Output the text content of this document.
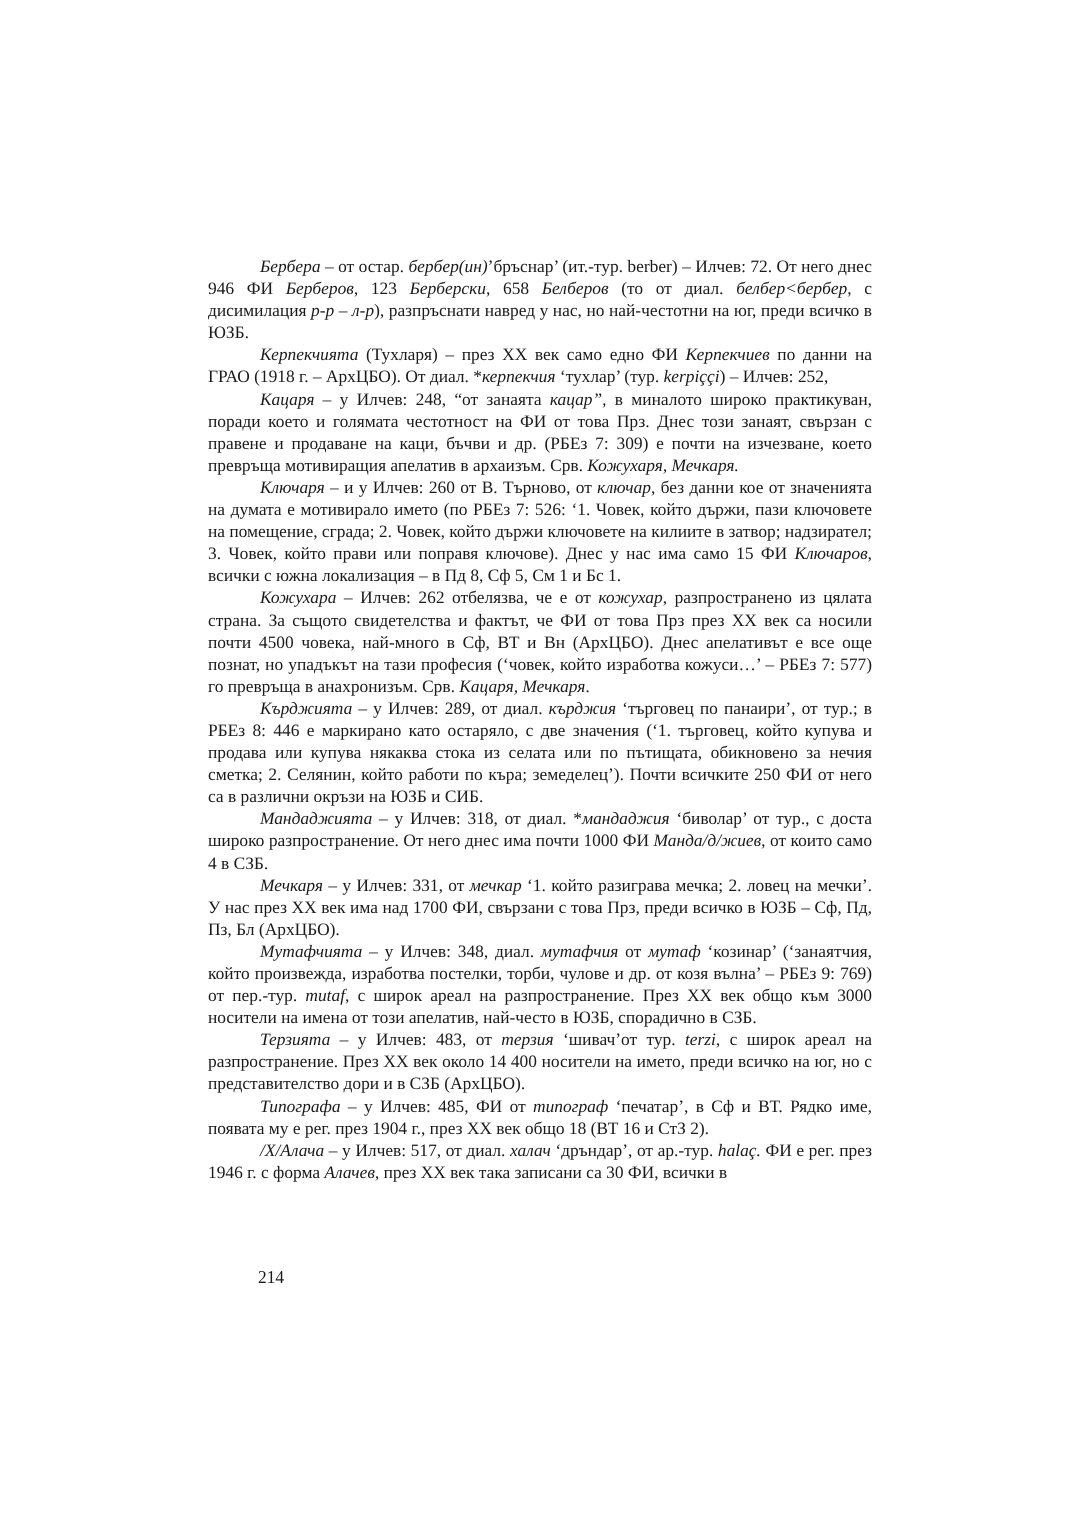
Бербера – от остар. бербер(ин)’бръснар’ (ит.-тур. berber) – Илчев: 72. От него днес 946 ФИ Берберов, 123 Берберски, 658 Белберов (то от диал. белбер<бербер, с дисимилация р-р – л-р), разпръснати навред у нас, но най-честотни на юг, преди всичко в ЮЗБ.

Керпекчията (Тухларя) – през ХХ век само едно ФИ Керпекчиев по данни на ГРАО (1918 г. – АрхЦБО). От диал. *керпекчия ‘тухлар’ (тур. kerpiççi) – Илчев: 252,

Кацаря – у Илчев: 248, “от занаята кацар”, в миналото широко практикуван, поради което и голямата честотност на ФИ от това Прз. Днес този занаят, свързан с правене и продаване на каци, бъчви и др. (РБЕз 7: 309) е почти на изчезване, което превръща мотивиращия апелатив в архаизъм. Срв. Кожухаря, Мечкаря.

Ключаря – и у Илчев: 260 от В. Търново, от ключар, без данни кое от значенията на думата е мотивирало името (по РБЕз 7: 526: ‘1. Човек, който държи, пази ключовете на помещение, сграда; 2. Човек, който държи ключовете на килиите в затвор; надзирател; 3. Човек, който прави или поправя ключове). Днес у нас има само 15 ФИ Ключаров, всички с южна локализация – в Пд 8, Сф 5, См 1 и Бс 1.

Кожухара – Илчев: 262 отбелязва, че е от кожухар, разпространено из цялата страна. За същото свидетелства и фактът, че ФИ от това Прз през ХХ век са носили почти 4500 човека, най-много в Сф, ВТ и Вн (АрхЦБО). Днес апелативът е все още познат, но упадъкът на тази професия (‘човек, който изработва кожуси…’ – РБЕз 7: 577) го превръща в анахронизъм. Срв. Кацаря, Мечкаря.

Кърджията – у Илчев: 289, от диал. кърджия ‘търговец по панаири’, от тур.; в РБЕз 8: 446 е маркирано като остаряло, с две значения (‘1. търговец, който купува и продава или купува някаква стока из селата или по пътищата, обикновено за нечия сметка; 2. Селянин, който работи по кърa; земеделец’). Почти всичките 250 ФИ от него са в различни окръзи на ЮЗБ и СИБ.

Мандаджията – у Илчев: 318, от диал. *мандаджия ‘биволар’ от тур., с доста широко разпространение. От него днес има почти 1000 ФИ Манда/д/жиев, от които само 4 в СЗБ.

Мечкаря – у Илчев: 331, от мечкар ‘1. който разиграва мечка; 2. ловец на мечки’. У нас през ХХ век има над 1700 ФИ, свързани с това Прз, преди всичко в ЮЗБ – Сф, Пд, Пз, Бл (АрхЦБО).

Мутафчията – у Илчев: 348, диал. мутафчия от мутаф ‘козинар’ (‘занаятчия, който произвежда, изработва постелки, торби, чулове и др. от козя вълна’ – РБЕз 9: 769) от пер.-тур. mutaf, с широк ареал на разпространение. През ХХ век общо към 3000 носители на имена от този апелатив, най-често в ЮЗБ, спорадично в СЗБ.

Терзията – у Илчев: 483, от терзия ‘шивач’от тур. terzi, с широк ареал на разпространение. През ХХ век около 14 400 носители на името, преди всичко на юг, но с представителство дори и в СЗБ (АрхЦБО).

Типографа – у Илчев: 485, ФИ от типограф ‘печатар’, в Сф и ВТ. Рядко име, появата му е рег. през 1904 г., през ХХ век общо 18 (ВТ 16 и СтЗ 2).

/Х/Алача – у Илчев: 517, от диал. халач ‘дръндар’, от ар.-тур. halaç. ФИ е рег. през 1946 г. с форма Алачев, през ХХ век така записани са 30 ФИ, всички в

214
